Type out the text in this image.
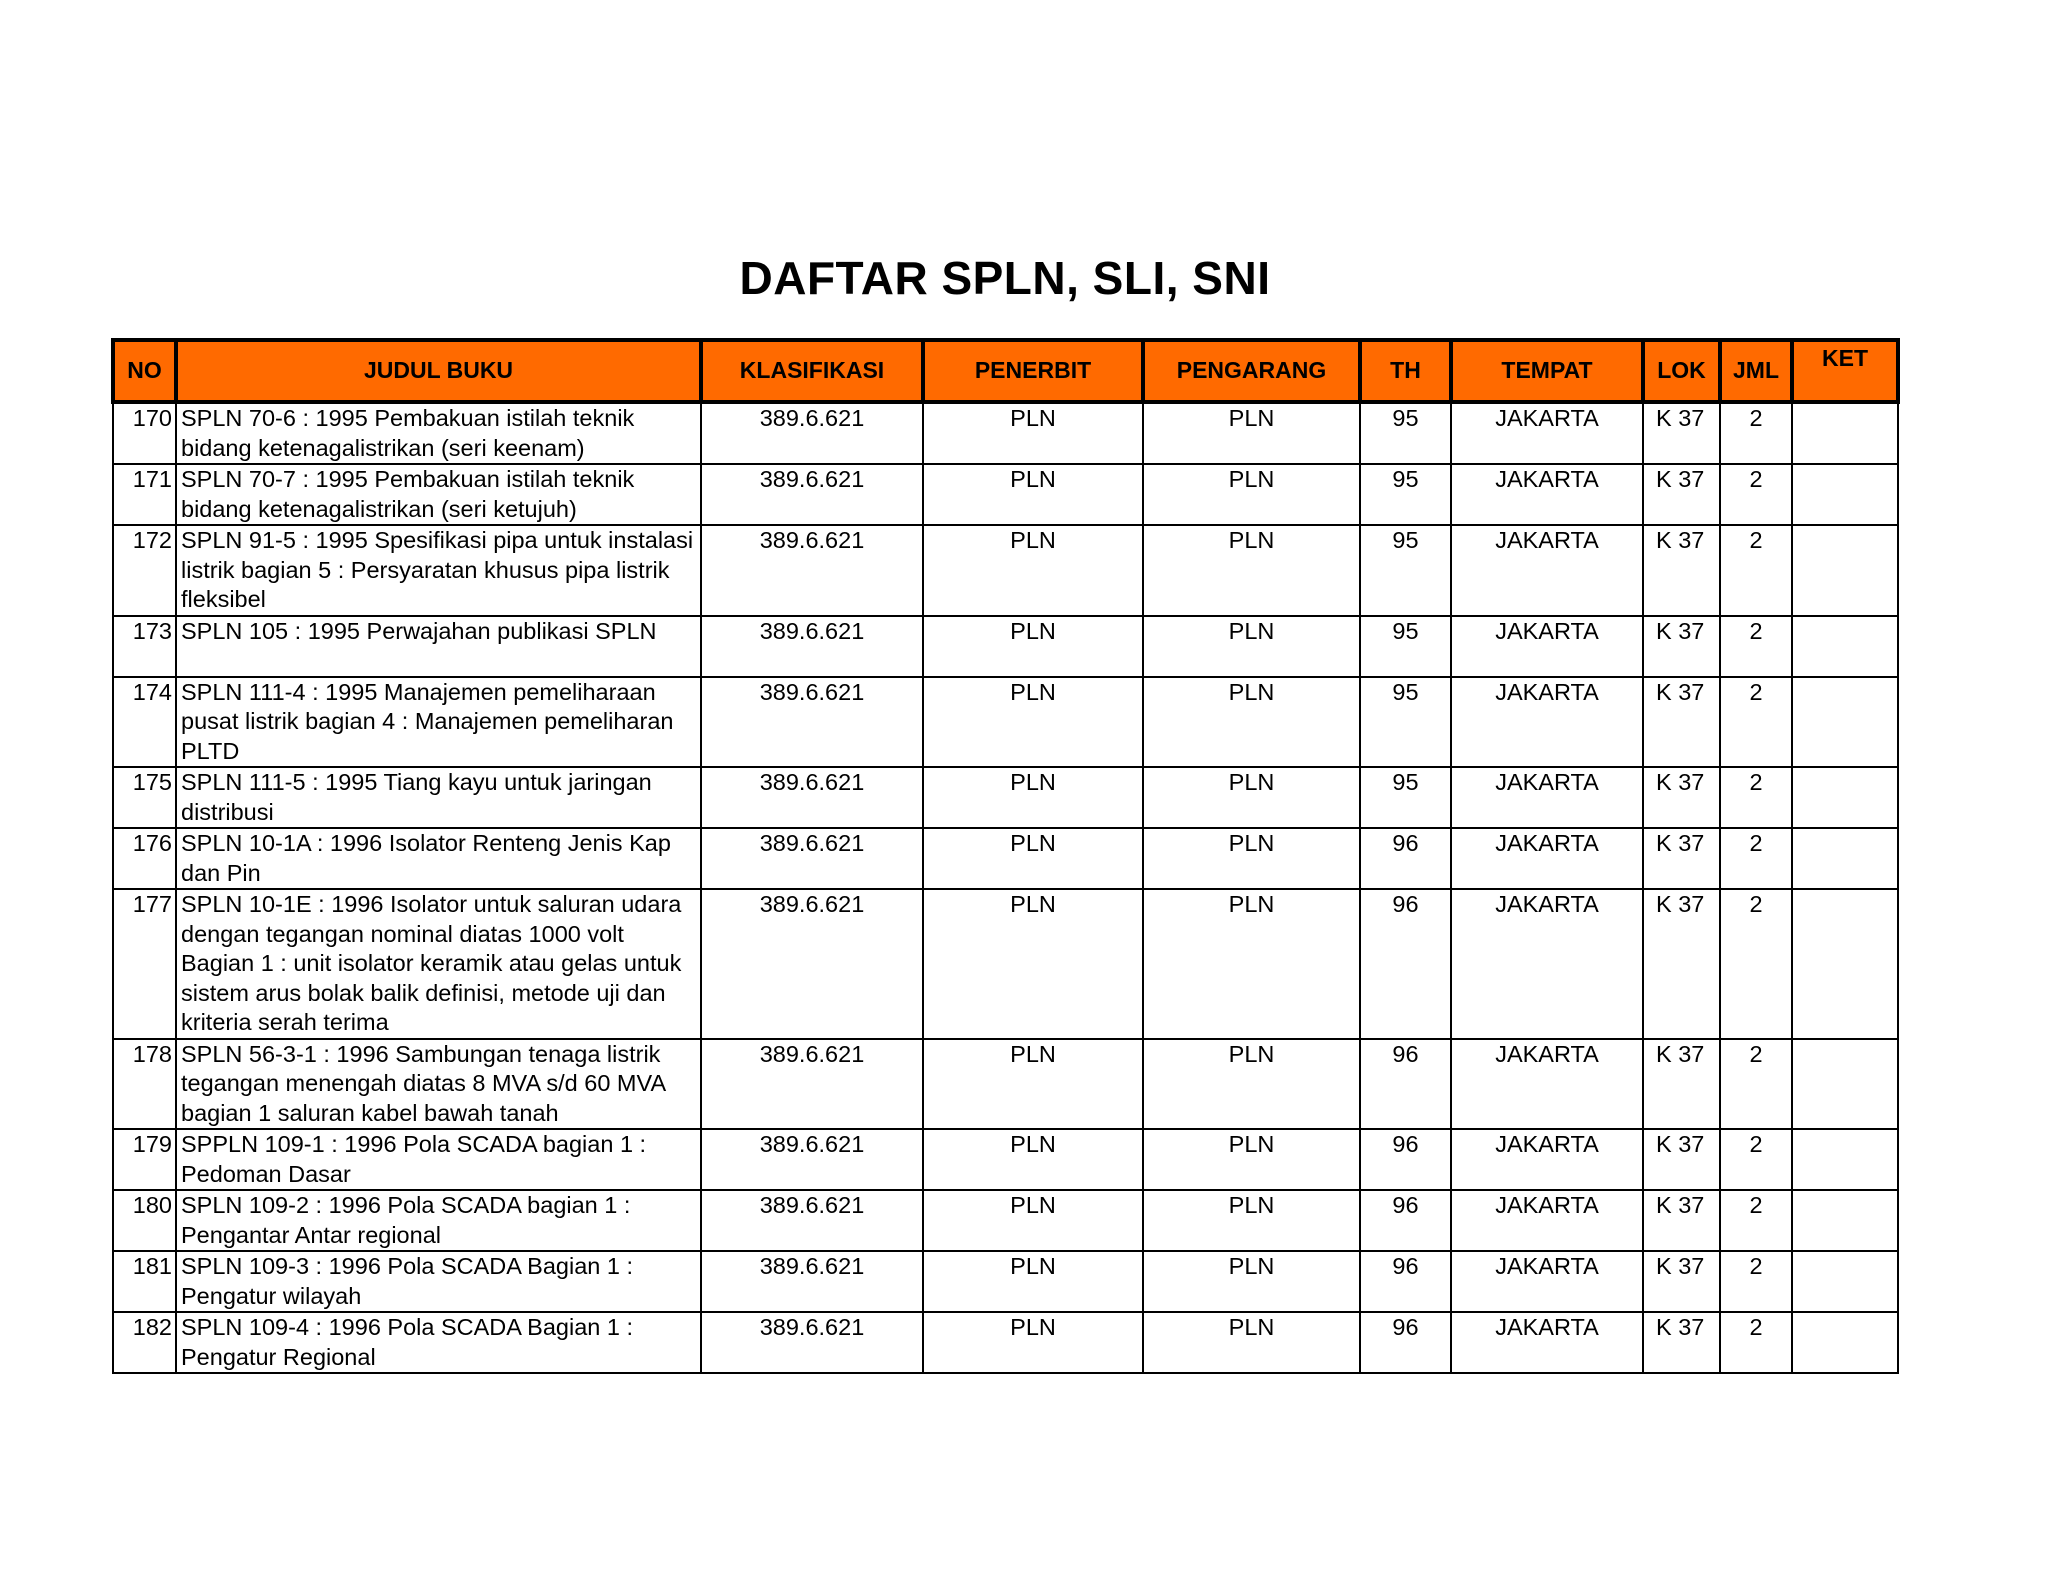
DAFTAR SPLN, SLI, SNI
NO	JUDUL BUKU	KLASIFIKASI	PENERBIT	PENGARANG	TH	TEMPAT	LOK	JML	KET
170	SPLN 70-6 : 1995 Pembakuan istilah teknik bidang ketenagalistrikan (seri keenam)	389.6.621	PLN	PLN	95	JAKARTA	K 37	2	
171	SPLN 70-7 : 1995 Pembakuan istilah teknik bidang ketenagalistrikan (seri ketujuh)	389.6.621	PLN	PLN	95	JAKARTA	K 37	2	
172	SPLN 91-5 : 1995 Spesifikasi pipa untuk instalasi listrik bagian 5 : Persyaratan khusus pipa listrik fleksibel	389.6.621	PLN	PLN	95	JAKARTA	K 37	2	
173	SPLN 105 : 1995 Perwajahan publikasi SPLN	389.6.621	PLN	PLN	95	JAKARTA	K 37	2	
174	SPLN 111-4 : 1995 Manajemen pemeliharaan pusat listrik bagian 4 : Manajemen pemeliharan PLTD	389.6.621	PLN	PLN	95	JAKARTA	K 37	2	
175	SPLN 111-5 : 1995 Tiang kayu untuk jaringan distribusi	389.6.621	PLN	PLN	95	JAKARTA	K 37	2	
176	SPLN 10-1A : 1996 Isolator Renteng Jenis Kap dan Pin	389.6.621	PLN	PLN	96	JAKARTA	K 37	2	
177	SPLN 10-1E : 1996 Isolator untuk saluran udara dengan tegangan nominal diatas 1000 volt Bagian 1 : unit isolator keramik atau gelas untuk sistem arus bolak balik definisi, metode uji dan kriteria serah terima	389.6.621	PLN	PLN	96	JAKARTA	K 37	2	
178	SPLN 56-3-1 : 1996 Sambungan tenaga listrik tegangan menengah diatas 8 MVA s/d 60 MVA bagian 1 saluran kabel bawah tanah	389.6.621	PLN	PLN	96	JAKARTA	K 37	2	
179	SPPLN 109-1 : 1996 Pola SCADA bagian 1 : Pedoman Dasar	389.6.621	PLN	PLN	96	JAKARTA	K 37	2	
180	SPLN 109-2 : 1996 Pola SCADA bagian 1 : Pengantar Antar regional	389.6.621	PLN	PLN	96	JAKARTA	K 37	2	
181	SPLN 109-3 : 1996 Pola SCADA Bagian 1 : Pengatur wilayah	389.6.621	PLN	PLN	96	JAKARTA	K 37	2	
182	SPLN 109-4 : 1996 Pola SCADA Bagian 1 : Pengatur Regional	389.6.621	PLN	PLN	96	JAKARTA	K 37	2	
